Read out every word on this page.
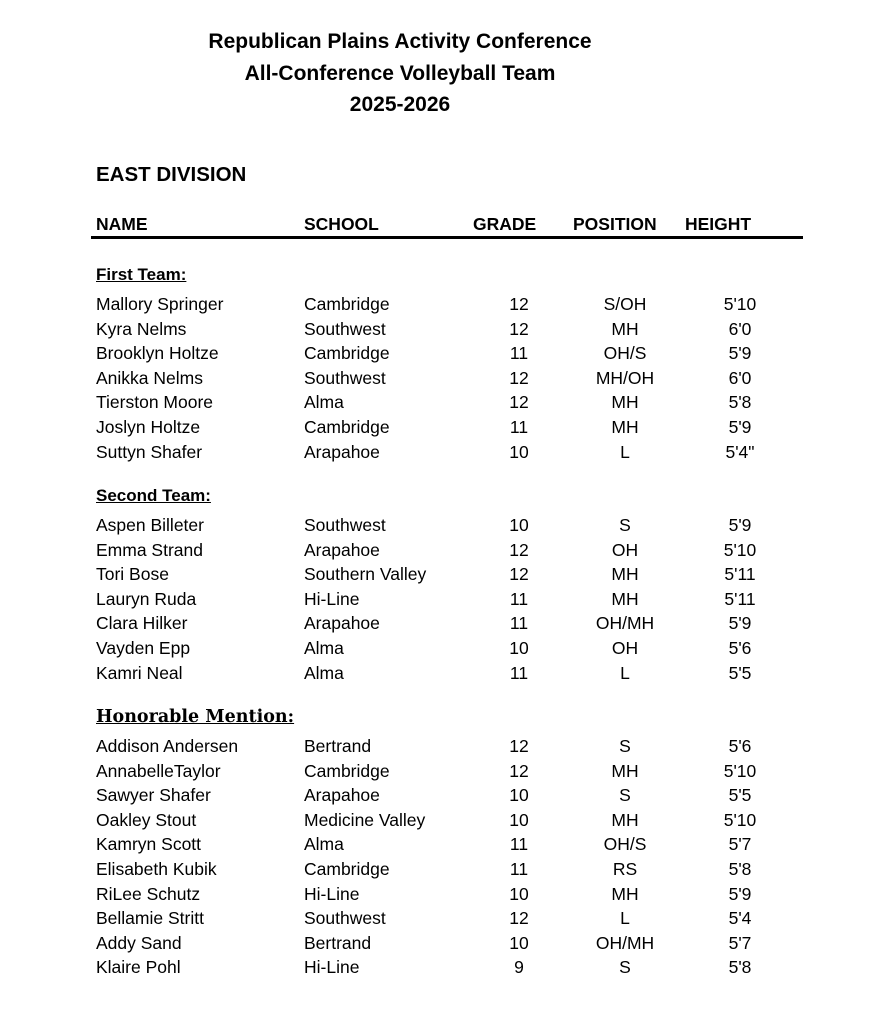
Republican Plains Activity Conference
All-Conference Volleyball Team
2025-2026
EAST DIVISION
NAME	SCHOOL	GRADE POSITION HEIGHT
First Team:
Mallory Springer	Cambridge	12	S/OH	5'10
Kyra Nelms	Southwest	12	MH	6'0
Brooklyn Holtze	Cambridge	11	OH/S	5'9
Anikka Nelms	Southwest	12	MH/OH	6'0
Tierston Moore	Alma	12	MH	5'8
Joslyn Holtze	Cambridge	11	MH	5'9
Suttyn Shafer	Arapahoe	10	L	5'4"
Second Team:
Aspen Billeter	Southwest	10	S	5'9
Emma Strand	Arapahoe	12	OH	5'10
Tori Bose	Southern Valley	12	MH	5'11
Lauryn Ruda	Hi-Line	11	MH	5'11
Clara Hilker	Arapahoe	11	OH/MH	5'9
Vayden Epp	Alma	10	OH	5'6
Kamri Neal	Alma	11	L	5'5
Honorable Mention:
Addison Andersen	Bertrand	12	S	5'6
AnnabelleTaylor	Cambridge	12	MH	5'10
Sawyer Shafer	Arapahoe	10	S	5'5
Oakley Stout	Medicine Valley	10	MH	5'10
Kamryn Scott	Alma	11	OH/S	5'7
Elisabeth Kubik	Cambridge	11	RS	5'8
RiLee Schutz	Hi-Line	10	MH	5'9
Bellamie Stritt	Southwest	12	L	5'4
Addy Sand	Bertrand	10	OH/MH	5'7
Klaire Pohl	Hi-Line	9	S	5'8
